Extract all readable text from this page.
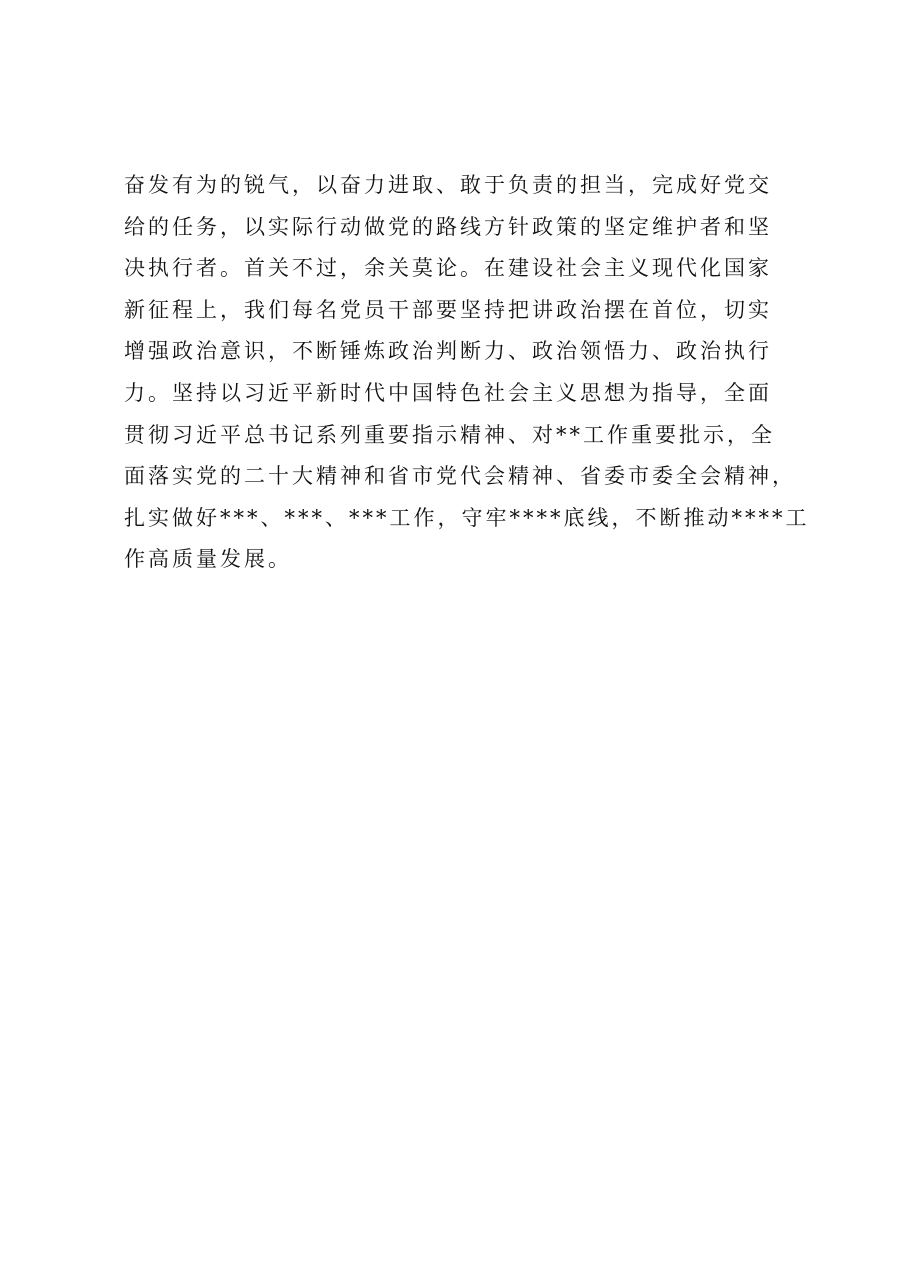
奋发有为的锐气，以奋力进取、敢于负责的担当，完成好党交
给的任务，以实际行动做党的路线方针政策的坚定维护者和坚
决执行者。首关不过，余关莫论。在建设社会主义现代化国家
新征程上，我们每名党员干部要坚持把讲政治摆在首位，切实
增强政治意识，不断锤炼政治判断力、政治领悟力、政治执行
力。坚持以习近平新时代中国特色社会主义思想为指导，全面
贯彻习近平总书记系列重要指示精神、对**工作重要批示，全
面落实党的二十大精神和省市党代会精神、省委市委全会精神，
扎实做好***、***、***工作，守牢****底线，不断推动****工
作高质量发展。
